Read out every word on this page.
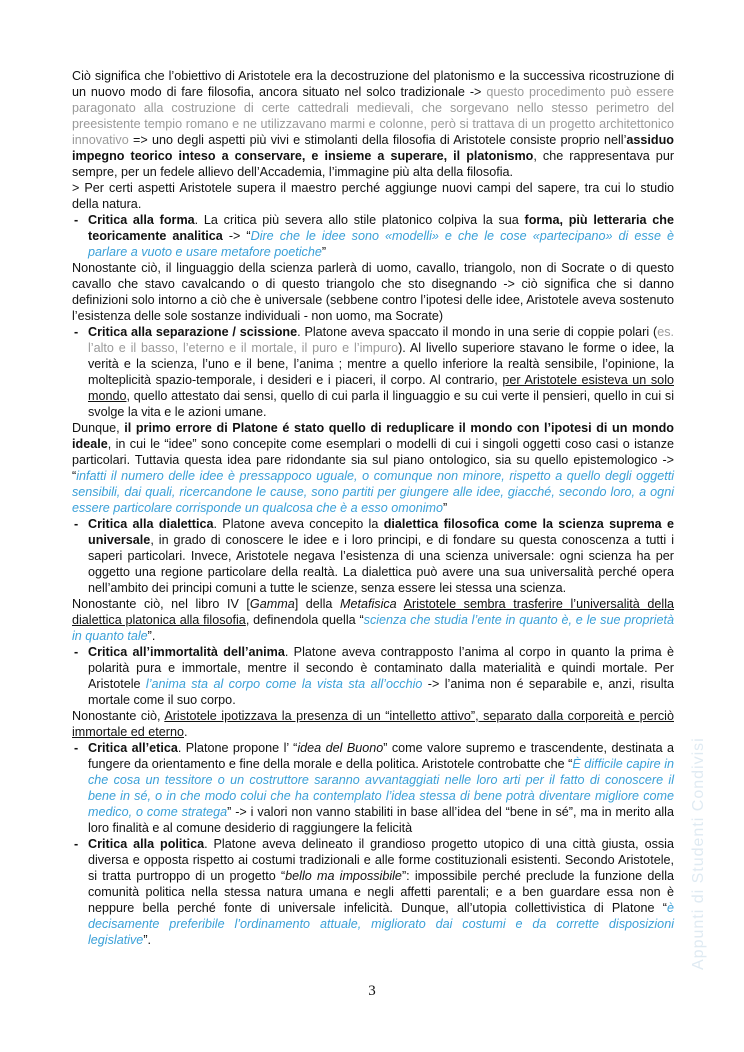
Ciò significa che l’obiettivo di Aristotele era la decostruzione del platonismo e la successiva ricostruzione di un nuovo modo di fare filosofia, ancora situato nel solco tradizionale -> questo procedimento può essere paragonato alla costruzione di certe cattedrali medievali, che sorgevano nello stesso perimetro del preesistente tempio romano e ne utilizzavano marmi e colonne, però si trattava di un progetto architettonico innovativo => uno degli aspetti più vivi e stimolanti della filosofia di Aristotele consiste proprio nell’assiduo impegno teorico inteso a conservare, e insieme a superare, il platonismo, che rappresentava pur sempre, per un fedele allievo dell’Accademia, l’immagine più alta della filosofia.

> Per certi aspetti Aristotele supera il maestro perché aggiunge nuovi campi del sapere, tra cui lo studio della natura.

- Critica alla forma. La critica più severa allo stile platonico colpiva la sua forma, più letteraria che teoricamente analitica -> “Dire che le idee sono «modelli» e che le cose «partecipano» di esse è parlare a vuoto e usare metafore poetiche”

Nonostante ciò, il linguaggio della scienza parlerà di uomo, cavallo, triangolo, non di Socrate o di questo cavallo che stavo cavalcando o di questo triangolo che sto disegnando -> ciò significa che si danno definizioni solo intorno a ciò che è universale (sebbene contro l’ipotesi delle idee, Aristotele aveva sostenuto l’esistenza delle sole sostanze individuali - non uomo, ma Socrate)

- Critica alla separazione / scissione. Platone aveva spaccato il mondo in una serie di coppie polari (es. l’alto e il basso, l’eterno e il mortale, il puro e l’impuro). Al livello superiore stavano le forme o idee, la verità e la scienza, l’uno e il bene, l’anima ; mentre a quello inferiore la realtà sensibile, l’opinione, la molteplicità spazio-temporale, i desideri e i piaceri, il corpo. Al contrario, per Aristotele esisteva un solo mondo, quello attestato dai sensi, quello di cui parla il linguaggio e su cui verte il pensieri, quello in cui si svolge la vita e le azioni umane.

Dunque, il primo errore di Platone é stato quello di reduplicare il mondo con l’ipotesi di un mondo ideale, in cui le “idee” sono concepite come esemplari o modelli di cui i singoli oggetti coso casi o istanze particolari. Tuttavia questa idea pare ridondante sia sul piano ontologico, sia su quello epistemologico -> “infatti il numero delle idee è pressappoco uguale, o comunque non minore, rispetto a quello degli oggetti sensibili, dai quali, ricercandone le cause, sono partiti per giungere alle idee, giacché, secondo loro, a ogni essere particolare corrisponde un qualcosa che è a esso omonimo”

- Critica alla dialettica. Platone aveva concepito la dialettica filosofica come la scienza suprema e universale, in grado di conoscere le idee e i loro principi, e di fondare su questa conoscenza a tutti i saperi particolari. Invece, Aristotele negava l’esistenza di una scienza universale: ogni scienza ha per oggetto una regione particolare della realtà. La dialettica può avere una sua universalità perché opera nell’ambito dei principi comuni a tutte le scienze, senza essere lei stessa una scienza.

Nonostante ciò, nel libro IV [Gamma] della Metafisica Aristotele sembra trasferire l’universalità della dialettica platonica alla filosofia, definendola quella “scienza che studia l’ente in quanto è, e le sue proprietà in quanto tale”.

- Critica all’immortalità dell’anima. Platone aveva contrapposto l’anima al corpo in quanto la prima è polarità pura e immortale, mentre il secondo è contaminato dalla materialità e quindi mortale. Per Aristotele l’anima sta al corpo come la vista sta all’occhio -> l’anima non é separabile e, anzi, risulta mortale come il suo corpo.

Nonostante ciò, Aristotele ipotizzava la presenza di un “intelletto attivo”, separato dalla corporeità e perciò immortale ed eterno.

- Critica all’etica. Platone propone l’ “idea del Buono” come valore supremo e trascendente, destinata a fungere da orientamento e fine della morale e della politica. Aristotele controbatte che “È difficile capire in che cosa un tessitore o un costruttore saranno avvantaggiati nelle loro arti per il fatto di conoscere il bene in sé, o in che modo colui che ha contemplato l’idea stessa di bene potrà diventare migliore come medico, o come stratega” -> i valori non vanno stabiliti in base all’idea del “bene in sé”, ma in merito alla loro finalità e al comune desiderio di raggiungere la felicità
- Critica alla politica. Platone aveva delineato il grandioso progetto utopico di una città giusta, ossia diversa e opposta rispetto ai costumi tradizionali e alle forme costituzionali esistenti. Secondo Aristotele, si tratta purtroppo di un progetto “bello ma impossibile”: impossibile perché preclude la funzione della comunità politica nella stessa natura umana e negli affetti parentali; e a ben guardare essa non è neppure bella perché fonte di universale infelicità. Dunque, all’utopia collettivistica di Platone “è decisamente preferibile l’ordinamento attuale, migliorato dai costumi e da corrette disposizioni legislative”.	Appunti di Studenti Condivisi
3
